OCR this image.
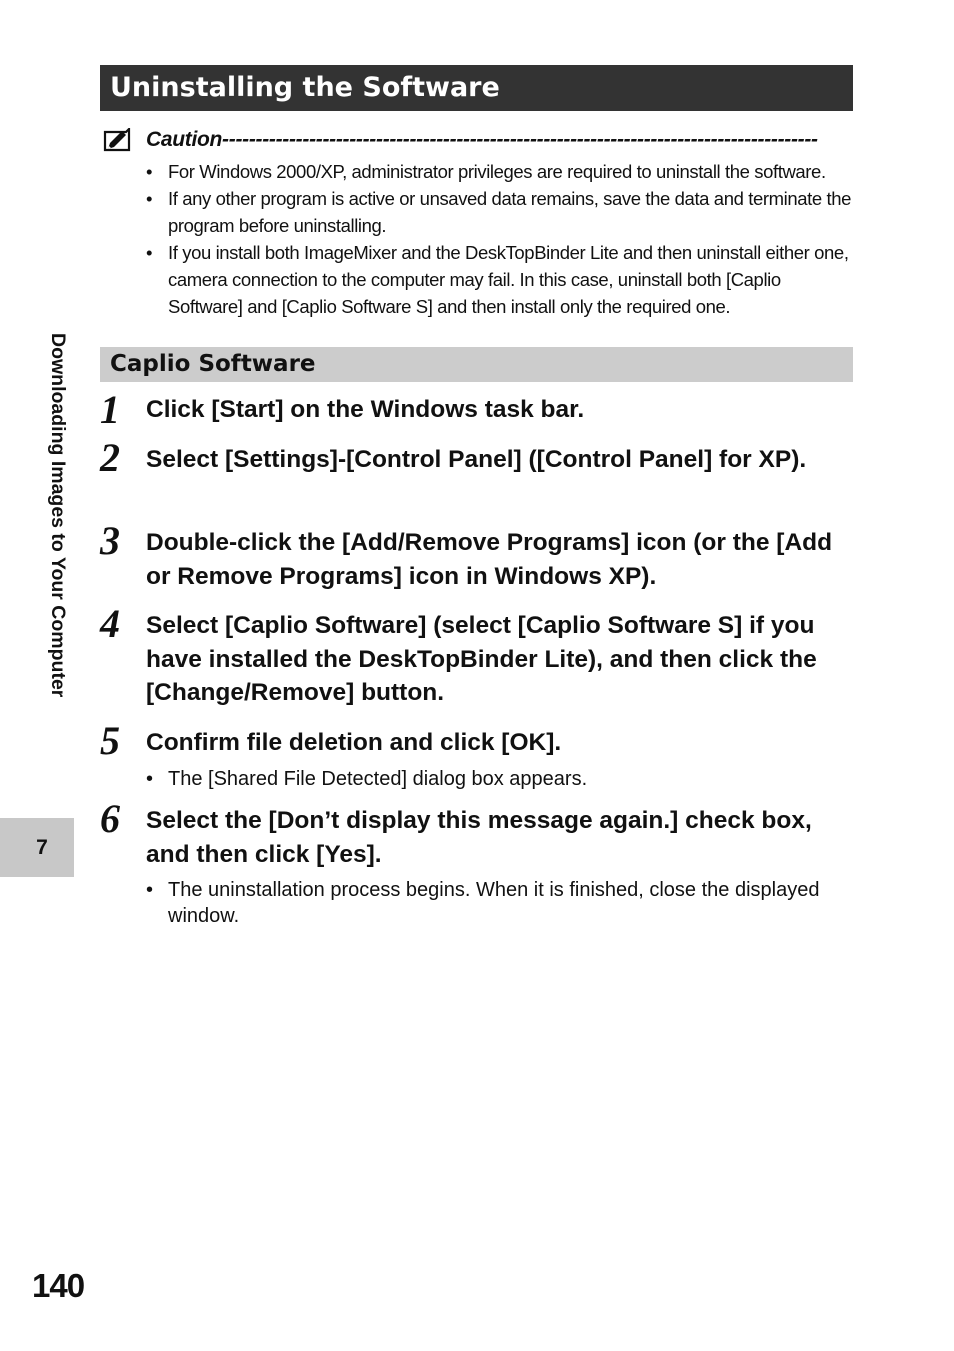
Uninstalling the Software
Caution-----------------------------------------------------------------------------------------
• For Windows 2000/XP, administrator privileges are required to uninstall the software.
• If any other program is active or unsaved data remains, save the data and terminate the program before uninstalling.
• If you install both ImageMixer and the DeskTopBinder Lite and then uninstall either one, camera connection to the computer may fail. In this case, uninstall both [Caplio Software] and [Caplio Software S] and then install only the required one.
Caplio Software
1	Click [Start] on the Windows task bar.
2	Select [Settings]-[Control Panel] ([Control Panel] for XP).
3	Double-click the [Add/Remove Programs] icon (or the [Add or Remove Programs] icon in Windows XP).
4	Select [Caplio Software] (select [Caplio Software S] if you have installed the DeskTopBinder Lite), and then click the [Change/Remove] button.
5	Confirm file deletion and click [OK].
• The [Shared File Detected] dialog box appears.
6	Select the [Don’t display this message again.] check box, and then click [Yes].
• The uninstallation process begins. When it is finished, close the displayed window.
Downloading Images to Your Computer
7
140
